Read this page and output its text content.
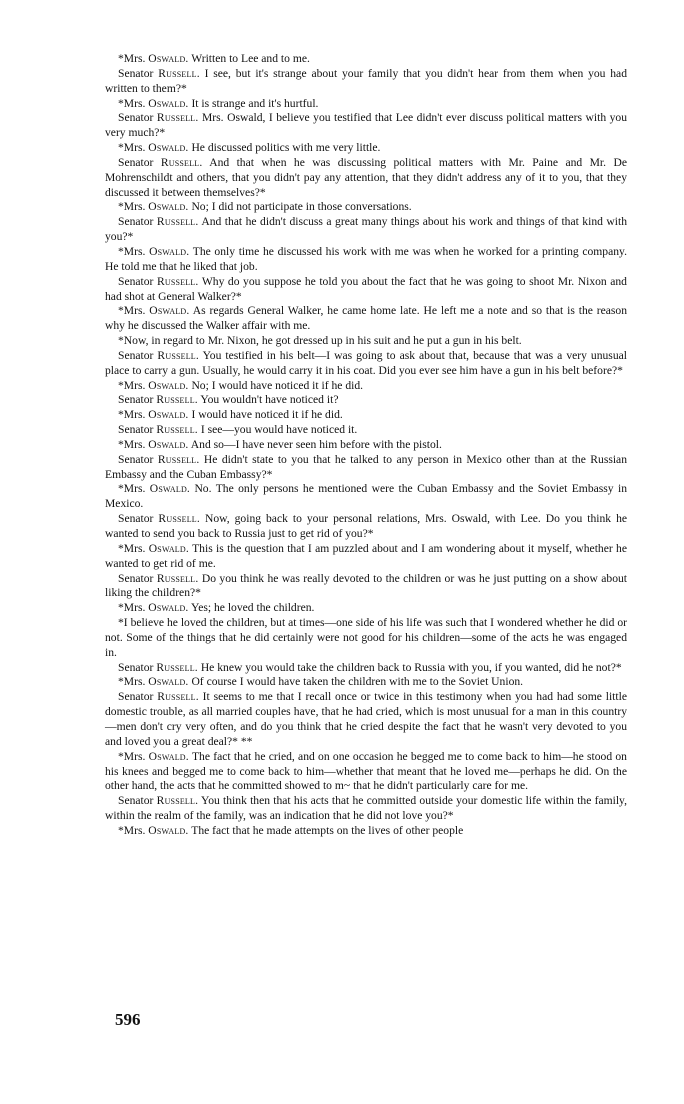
*Mrs. Oswald. Written to Lee and to me.

Senator Russell. I see, but it's strange about your family that you didn't hear from them when you had written to them?*

*Mrs. Oswald. It is strange and it's hurtful.

Senator Russell. Mrs. Oswald, I believe you testified that Lee didn't ever discuss political matters with you very much?*

*Mrs. Oswald. He discussed politics with me very little.

Senator Russell. And that when he was discussing political matters with Mr. Paine and Mr. De Mohrenschildt and others, that you didn't pay any attention, that they didn't address any of it to you, that they discussed it between themselves?*

*Mrs. Oswald. No; I did not participate in those conversations.

Senator Russell. And that he didn't discuss a great many things about his work and things of that kind with you?*

*Mrs. Oswald. The only time he discussed his work with me was when he worked for a printing company. He told me that he liked that job.

Senator Russell. Why do you suppose he told you about the fact that he was going to shoot Mr. Nixon and had shot at General Walker?*

*Mrs. Oswald. As regards General Walker, he came home late. He left me a note and so that is the reason why he discussed the Walker affair with me.

*Now, in regard to Mr. Nixon, he got dressed up in his suit and he put a gun in his belt.

Senator Russell. You testified in his belt—I was going to ask about that, because that was a very unusual place to carry a gun. Usually, he would carry it in his coat. Did you ever see him have a gun in his belt before?*

*Mrs. Oswald. No; I would have noticed it if he did.

Senator Russell. You wouldn't have noticed it?

*Mrs. Oswald. I would have noticed it if he did.

Senator Russell. I see—you would have noticed it.

*Mrs. Oswald. And so—I have never seen him before with the pistol.

Senator Russell. He didn't state to you that he talked to any person in Mexico other than at the Russian Embassy and the Cuban Embassy?*

*Mrs. Oswald. No. The only persons he mentioned were the Cuban Embassy and the Soviet Embassy in Mexico.

Senator Russell. Now, going back to your personal relations, Mrs. Oswald, with Lee. Do you think he wanted to send you back to Russia just to get rid of you?*

*Mrs. Oswald. This is the question that I am puzzled about and I am wondering about it myself, whether he wanted to get rid of me.

Senator Russell. Do you think he was really devoted to the children or was he just putting on a show about liking the children?*

*Mrs. Oswald. Yes; he loved the children.

*I believe he loved the children, but at times—one side of his life was such that I wondered whether he did or not. Some of the things that he did certainly were not good for his children—some of the acts he was engaged in.

Senator Russell. He knew you would take the children back to Russia with you, if you wanted, did he not?*

*Mrs. Oswald. Of course I would have taken the children with me to the Soviet Union.

Senator Russell. It seems to me that I recall once or twice in this testimony when you had had some little domestic trouble, as all married couples have, that he had cried, which is most unusual for a man in this country—men don't cry very often, and do you think that he cried despite the fact that he wasn't very devoted to you and loved you a great deal?* **

*Mrs. Oswald. The fact that he cried, and on one occasion he begged me to come back to him—he stood on his knees and begged me to come back to him—whether that meant that he loved me—perhaps he did. On the other hand, the acts that he committed showed to m~ that he didn't particularly care for me.

Senator Russell. You think then that his acts that he committed outside your domestic life within the family, within the realm of the family, was an indication that he did not love you?*

*Mrs. Oswald. The fact that he made attempts on the lives of other people

596
